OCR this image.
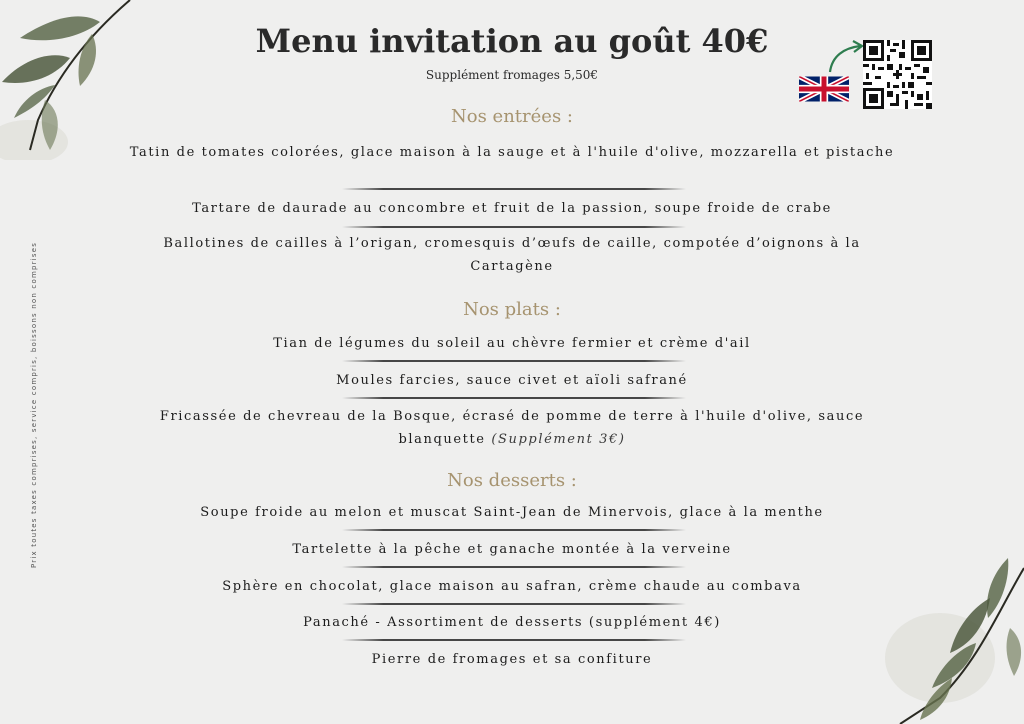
Menu invitation au goût 40€
Supplément fromages 5,50€
Nos entrées :
Tatin de tomates colorées, glace maison à la sauge et à l'huile d'olive, mozzarella et pistache
Tartare de daurade au concombre et fruit de la passion, soupe froide de crabe
Ballotines de cailles à l’origan, cromesquis d’œufs de caille, compotée d’oignons à la Cartagène
Nos plats :
Tian de légumes du soleil au chèvre fermier et crème d'ail
Moules farcies, sauce civet et aïoli safrané
Fricassée de chevreau de la Bosque, écrasé de pomme de terre à l'huile d'olive, sauce blanquette (Supplément 3€)
Nos desserts :
Soupe froide au melon et muscat Saint-Jean de Minervois, glace à la menthe
Tartelette à la pêche et ganache montée à la verveine
Sphère en chocolat, glace maison au safran, crème chaude au combava
Panaché - Assortiment de desserts (supplément 4€)
Pierre de fromages et sa confiture
Prix toutes taxes comprises, service compris, boissons non comprises
